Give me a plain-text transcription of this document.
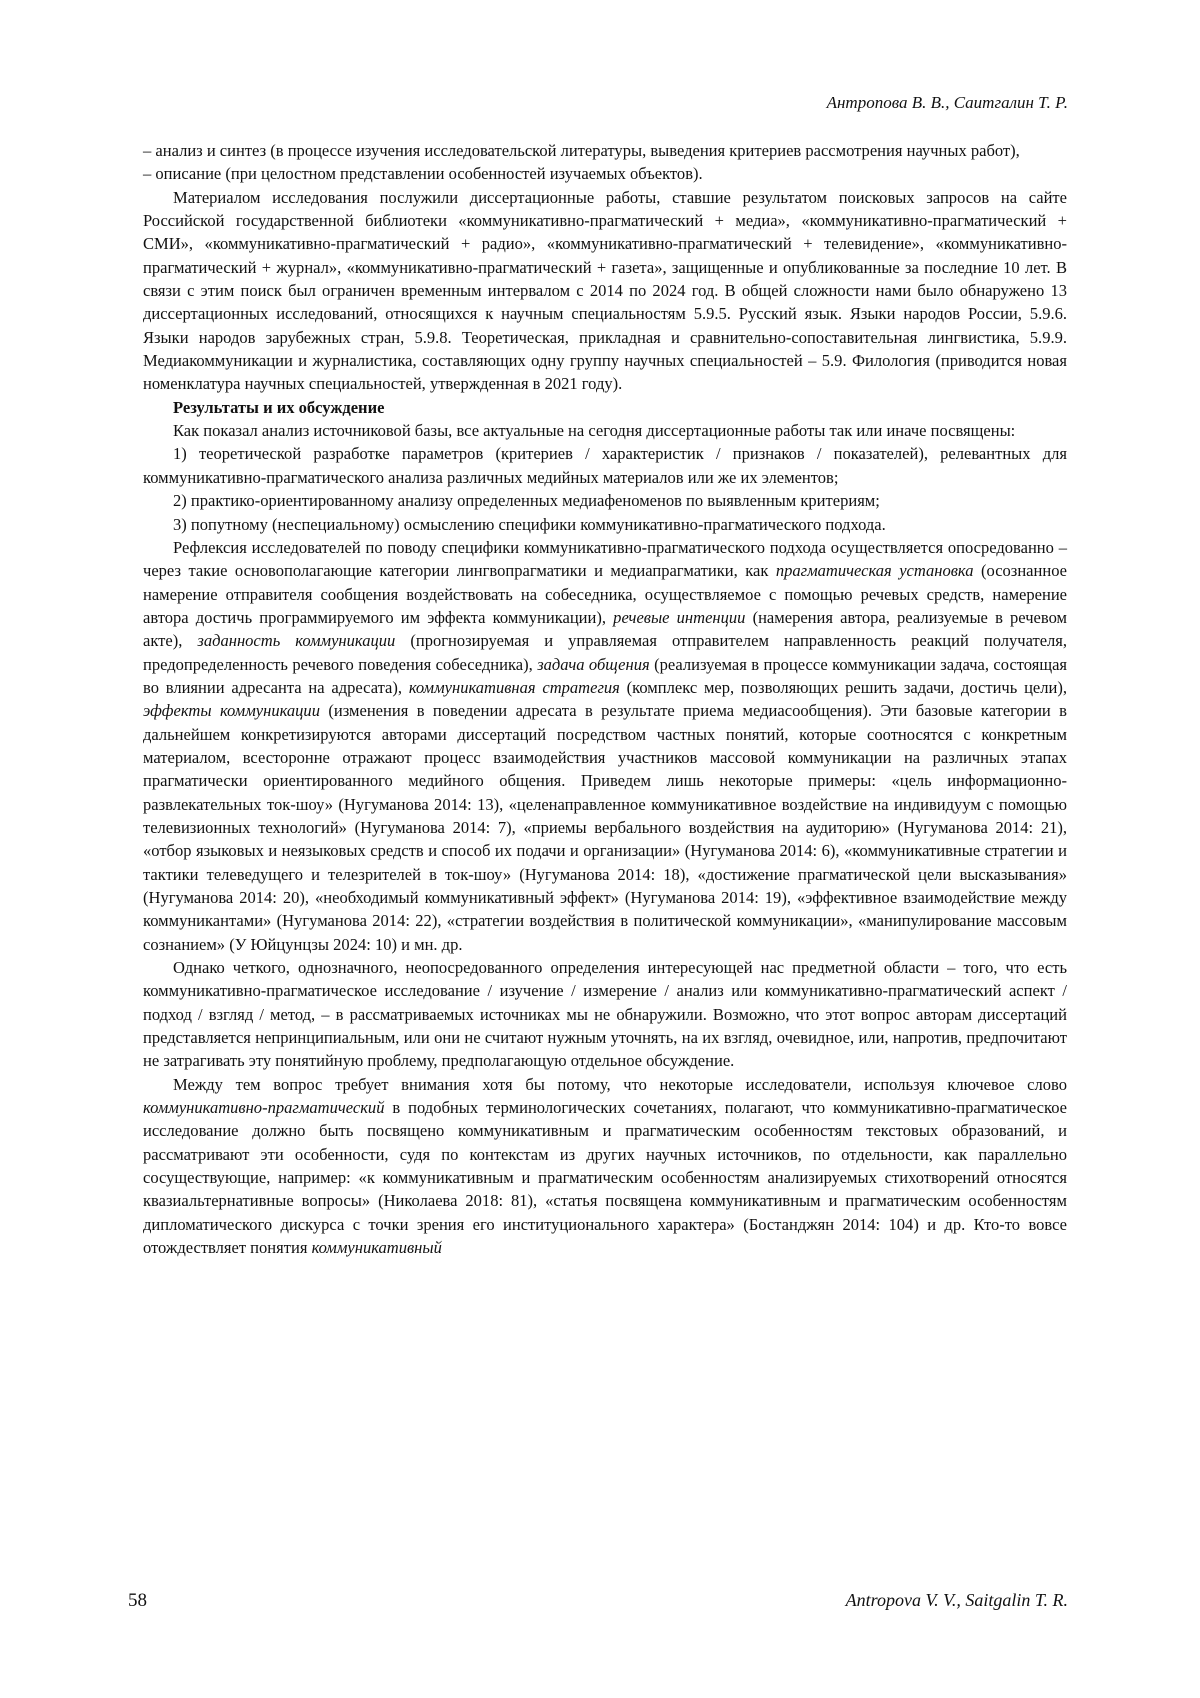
Антропова В. В., Саитгалин Т. Р.

– анализ и синтез (в процессе изучения исследовательской литературы, выведения критериев рассмотрения научных работ),

– описание (при целостном представлении особенностей изучаемых объектов).

Материалом исследования послужили диссертационные работы, ставшие результатом поисковых запросов на сайте Российской государственной библиотеки «коммуникативно-прагматический + медиа», «коммуникативно-прагматический + СМИ», «коммуникативно-прагматический + радио», «коммуникативно-прагматический + телевидение», «коммуникативно-прагматический + журнал», «коммуникативно-прагматический + газета», защищенные и опубликованные за последние 10 лет. В связи с этим поиск был ограничен временным интервалом с 2014 по 2024 год. В общей сложности нами было обнаружено 13 диссертационных исследований, относящихся к научным специальностям 5.9.5. Русский язык. Языки народов России, 5.9.6. Языки народов зарубежных стран, 5.9.8. Теоретическая, прикладная и сравнительно-сопоставительная лингвистика, 5.9.9. Медиакоммуникации и журналистика, составляющих одну группу научных специальностей – 5.9. Филология (приводится новая номенклатура научных специальностей, утвержденная в 2021 году).

Результаты и их обсуждение

Как показал анализ источниковой базы, все актуальные на сегодня диссертационные работы так или иначе посвящены:

1) теоретической разработке параметров (критериев / характеристик / признаков / показателей), релевантных для коммуникативно-прагматического анализа различных медийных материалов или же их элементов;

2) практико-ориентированному анализу определенных медиафеноменов по выявленным критериям;

3) попутному (неспециальному) осмыслению специфики коммуникативно-прагматического подхода.

Рефлексия исследователей по поводу специфики коммуникативно-прагматического подхода осуществляется опосредованно – через такие основополагающие категории лингвопрагматики и медиапрагматики, как прагматическая установка (осознанное намерение отправителя сообщения воздействовать на собеседника, осуществляемое с помощью речевых средств, намерение автора достичь программируемого им эффекта коммуникации), речевые интенции (намерения автора, реализуемые в речевом акте), заданность коммуникации (прогнозируемая и управляемая отправителем направленность реакций получателя, предопределенность речевого поведения собеседника), задача общения (реализуемая в процессе коммуникации задача, состоящая во влиянии адресанта на адресата), коммуникативная стратегия (комплекс мер, позволяющих решить задачи, достичь цели), эффекты коммуникации (изменения в поведении адресата в результате приема медиасообщения). Эти базовые категории в дальнейшем конкретизируются авторами диссертаций посредством частных понятий, которые соотносятся с конкретным материалом, всесторонне отражают процесс взаимодействия участников массовой коммуникации на различных этапах прагматически ориентированного медийного общения. Приведем лишь некоторые примеры: «цель информационно-развлекательных ток-шоу» (Нугуманова 2014: 13), «целенаправленное коммуникативное воздействие на индивидуум с помощью телевизионных технологий» (Нугуманова 2014: 7), «приемы вербального воздействия на аудиторию» (Нугуманова 2014: 21), «отбор языковых и неязыковых средств и способ их подачи и организации» (Нугуманова 2014: 6), «коммуникативные стратегии и тактики телеведущего и телезрителей в ток-шоу» (Нугуманова 2014: 18), «достижение прагматической цели высказывания» (Нугуманова 2014: 20), «необходимый коммуникативный эффект» (Нугуманова 2014: 19), «эффективное взаимодействие между коммуникантами» (Нугуманова 2014: 22), «стратегии воздействия в политической коммуникации», «манипулирование массовым сознанием» (У Юйцунцзы 2024: 10) и мн. др.

Однако четкого, однозначного, неопосредованного определения интересующей нас предметной области – того, что есть коммуникативно-прагматическое исследование / изучение / измерение / анализ или коммуникативно-прагматический аспект / подход / взгляд / метод, – в рассматриваемых источниках мы не обнаружили. Возможно, что этот вопрос авторам диссертаций представляется непринципиальным, или они не считают нужным уточнять, на их взгляд, очевидное, или, напротив, предпочитают не затрагивать эту понятийную проблему, предполагающую отдельное обсуждение.

Между тем вопрос требует внимания хотя бы потому, что некоторые исследователи, используя ключевое слово коммуникативно-прагматический в подобных терминологических сочетаниях, полагают, что коммуникативно-прагматическое исследование должно быть посвящено коммуникативным и прагматическим особенностям текстовых образований, и рассматривают эти особенности, судя по контекстам из других научных источников, по отдельности, как параллельно сосуществующие, например: «к коммуникативным и прагматическим особенностям анализируемых стихотворений относятся квазиальтернативные вопросы» (Николаева 2018: 81), «статья посвящена коммуникативным и прагматическим особенностям дипломатического дискурса с точки зрения его институционального характера» (Бостанджян 2014: 104) и др. Кто-то вовсе отождествляет понятия коммуникативный

58	Antropova V. V., Saitgalin T. R.
